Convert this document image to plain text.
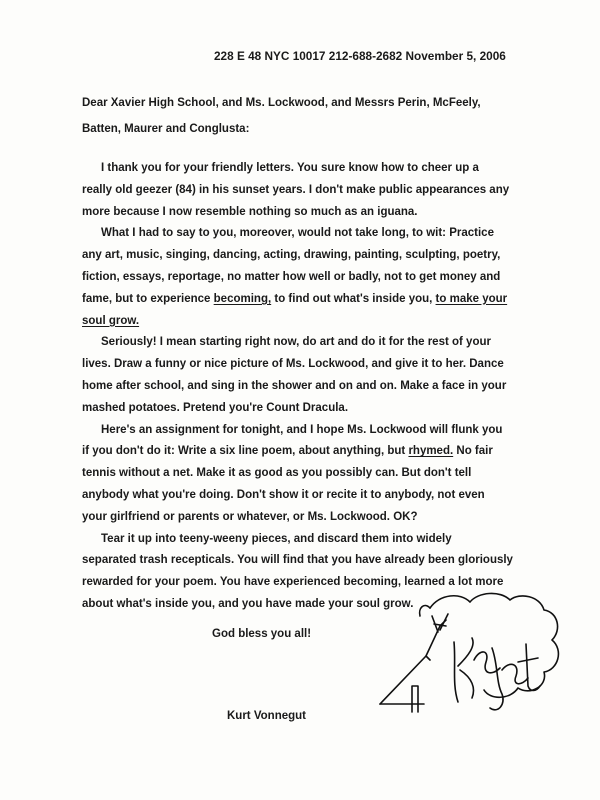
228 E 48 NYC 10017 212-688-2682 November 5, 2006
Dear Xavier High School, and Ms. Lockwood, and Messrs Perin, McFeely,
Batten, Maurer and Conglusta:
I thank you for your friendly letters. You sure know how to cheer up a
really old geezer (84) in his sunset years. I don't make public appearances any
more because I now resemble nothing so much as an iguana.
What I had to say to you, moreover, would not take long, to wit: Practice
any art, music, singing, dancing, acting, drawing, painting, sculpting, poetry,
fiction, essays, reportage, no matter how well or badly, not to get money and
fame, but to experience becoming, to find out what's inside you, to make your
soul grow.
Seriously! I mean starting right now, do art and do it for the rest of your
lives. Draw a funny or nice picture of Ms. Lockwood, and give it to her. Dance
home after school, and sing in the shower and on and on. Make a face in your
mashed potatoes. Pretend you're Count Dracula.
Here's an assignment for tonight, and I hope Ms. Lockwood will flunk you
if you don't do it: Write a six line poem, about anything, but rhymed. No fair
tennis without a net. Make it as good as you possibly can. But don't tell
anybody what you're doing. Don't show it or recite it to anybody, not even
your girlfriend or parents or whatever, or Ms. Lockwood. OK?
Tear it up into teeny-weeny pieces, and discard them into widely
separated trash recepticals. You will find that you have already been gloriously
rewarded for your poem. You have experienced becoming, learned a lot more
about what's inside you, and you have made your soul grow.
God bless you all!
Kurt Vonnegut
